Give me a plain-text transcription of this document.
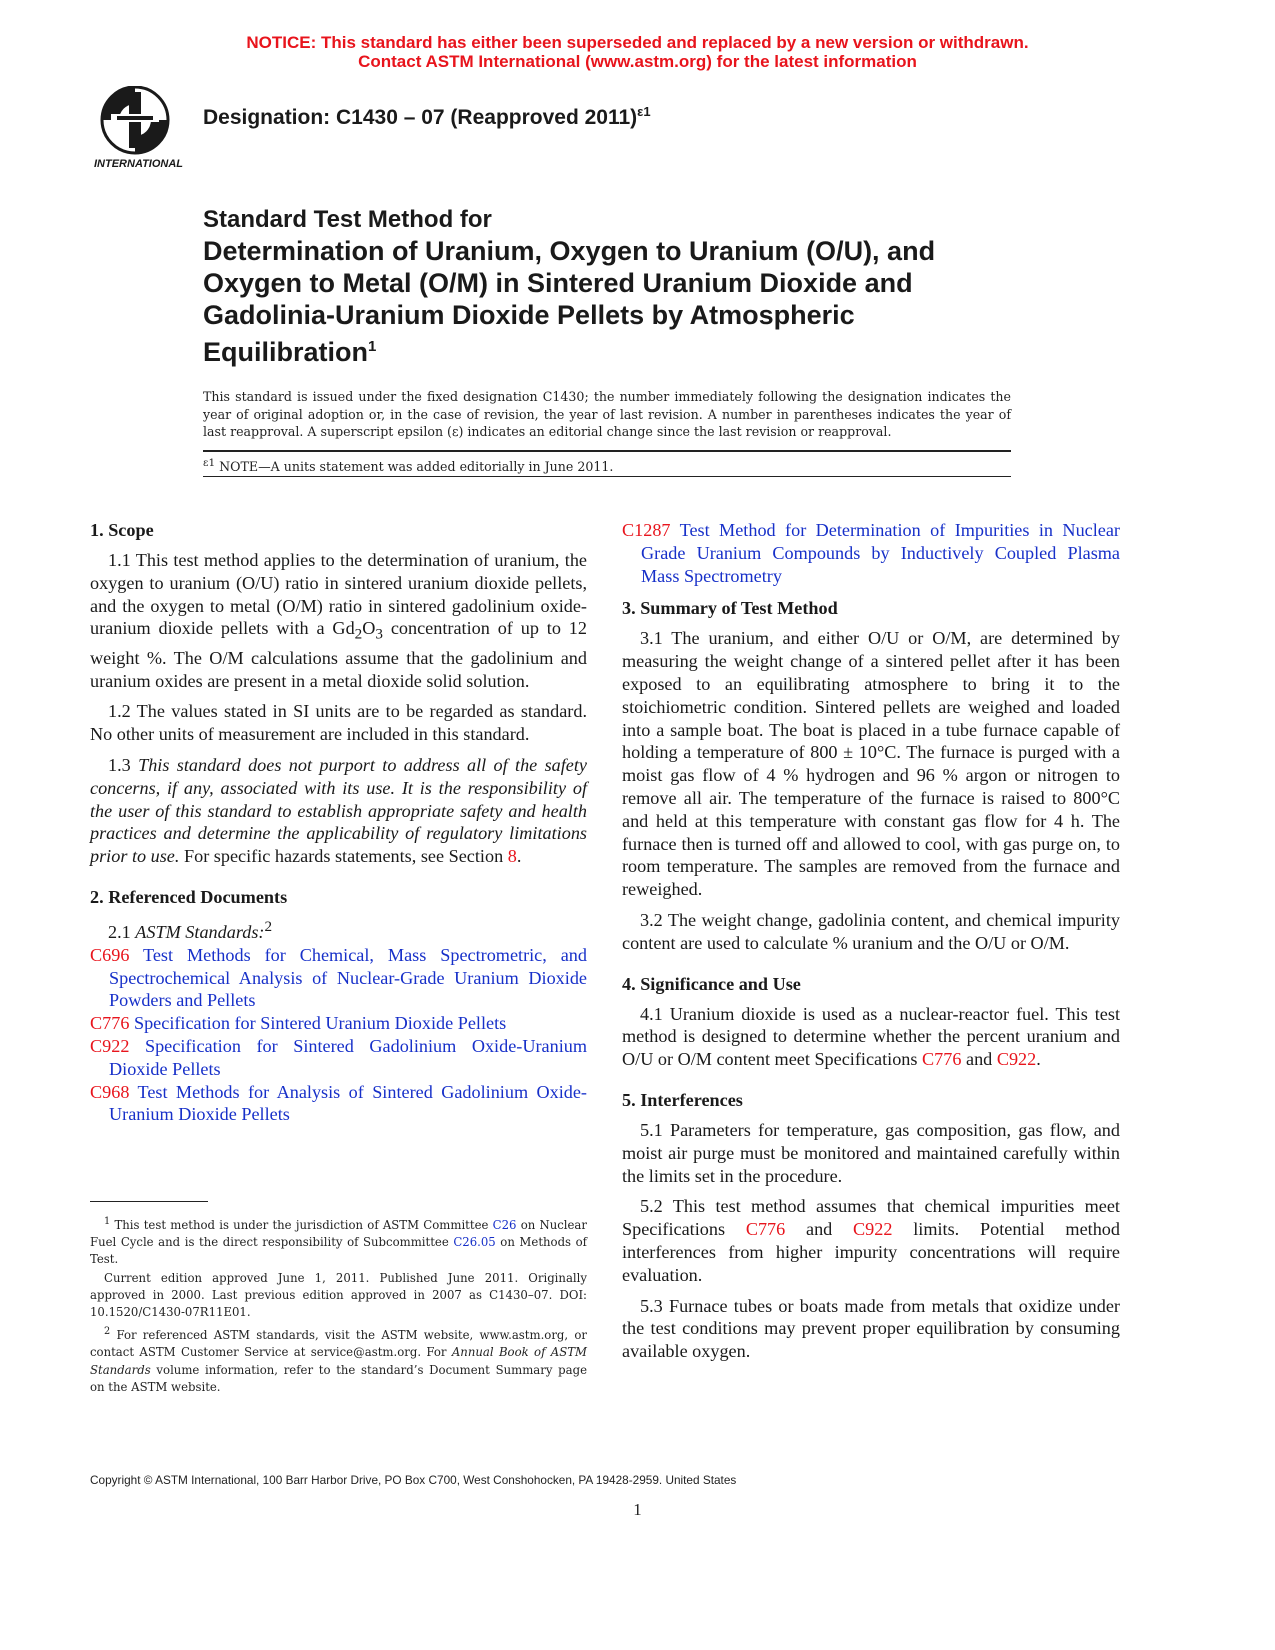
NOTICE: This standard has either been superseded and replaced by a new version or withdrawn.
Contact ASTM International (www.astm.org) for the latest information
INTERNATIONAL
Designation: C1430 – 07 (Reapproved 2011)$^{\varepsilon 1}$
Standard Test Method for
Determination of Uranium, Oxygen to Uranium (O/U), and
Oxygen to Metal (O/M) in Sintered Uranium Dioxide and
Gadolinia-Uranium Dioxide Pellets by Atmospheric
Equilibration$^1$
This standard is issued under the fixed designation C1430; the number immediately following the designation indicates the year of original adoption or, in the case of revision, the year of last revision. A number in parentheses indicates the year of last reapproval. A superscript epsilon (ε) indicates an editorial change since the last revision or reapproval.
$^{\varepsilon 1}$ NOTE—A units statement was added editorially in June 2011.
1. Scope

1.1 This test method applies to the determination of uranium, the oxygen to uranium (O/U) ratio in sintered uranium dioxide pellets, and the oxygen to metal (O/M) ratio in sintered gadolinium oxide-uranium dioxide pellets with a $Gd_2O_3$ concentration of up to 12 weight %. The O/M calculations assume that the gadolinium and uranium oxides are present in a metal dioxide solid solution.

1.2 The values stated in SI units are to be regarded as standard. No other units of measurement are included in this standard.

1.3 This standard does not purport to address all of the safety concerns, if any, associated with its use. It is the responsibility of the user of this standard to establish appropriate safety and health practices and determine the applicability of regulatory limitations prior to use. For specific hazards statements, see Section 8.

2. Referenced Documents

2.1 ASTM Standards:$^2$

C696 Test Methods for Chemical, Mass Spectrometric, and Spectrochemical Analysis of Nuclear-Grade Uranium Dioxide Powders and Pellets
C776 Specification for Sintered Uranium Dioxide Pellets
C922 Specification for Sintered Gadolinium Oxide-Uranium Dioxide Pellets
C968 Test Methods for Analysis of Sintered Gadolinium Oxide-Uranium Dioxide Pellets

$^1$ This test method is under the jurisdiction of ASTM Committee C26 on Nuclear Fuel Cycle and is the direct responsibility of Subcommittee C26.05 on Methods of Test.

Current edition approved June 1, 2011. Published June 2011. Originally approved in 2000. Last previous edition approved in 2007 as C1430–07. DOI: 10.1520/C1430-07R11E01.

$^2$ For referenced ASTM standards, visit the ASTM website, www.astm.org, or contact ASTM Customer Service at service@astm.org. For Annual Book of ASTM Standards volume information, refer to the standard’s Document Summary page on the ASTM website.

C1287 Test Method for Determination of Impurities in Nuclear Grade Uranium Compounds by Inductively Coupled Plasma Mass Spectrometry
3. Summary of Test Method

3.1 The uranium, and either O/U or O/M, are determined by measuring the weight change of a sintered pellet after it has been exposed to an equilibrating atmosphere to bring it to the stoichiometric condition. Sintered pellets are weighed and loaded into a sample boat. The boat is placed in a tube furnace capable of holding a temperature of 800 ± 10°C. The furnace is purged with a moist gas flow of 4 % hydrogen and 96 % argon or nitrogen to remove all air. The temperature of the furnace is raised to 800°C and held at this temperature with constant gas flow for 4 h. The furnace then is turned off and allowed to cool, with gas purge on, to room temperature. The samples are removed from the furnace and reweighed.

3.2 The weight change, gadolinia content, and chemical impurity content are used to calculate % uranium and the O/U or O/M.

4. Significance and Use

4.1 Uranium dioxide is used as a nuclear-reactor fuel. This test method is designed to determine whether the percent uranium and O/U or O/M content meet Specifications C776 and C922.

5. Interferences

5.1 Parameters for temperature, gas composition, gas flow, and moist air purge must be monitored and maintained carefully within the limits set in the procedure.

5.2 This test method assumes that chemical impurities meet Specifications C776 and C922 limits. Potential method interferences from higher impurity concentrations will require evaluation.

5.3 Furnace tubes or boats made from metals that oxidize under the test conditions may prevent proper equilibration by consuming available oxygen.

Copyright © ASTM International, 100 Barr Harbor Drive, PO Box C700, West Conshohocken, PA 19428-2959. United States
1
